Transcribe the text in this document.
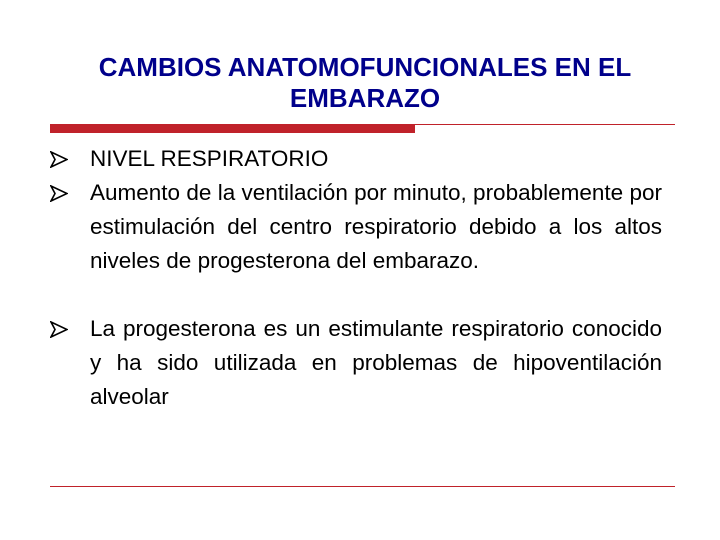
CAMBIOS ANATOMOFUNCIONALES EN EL EMBARAZO
NIVEL RESPIRATORIO
Aumento de la ventilación por minuto, probablemente por estimulación del centro respiratorio debido a los altos niveles de progesterona del embarazo.
La progesterona es un estimulante respiratorio conocido y ha sido utilizada en problemas de hipoventilación alveolar
